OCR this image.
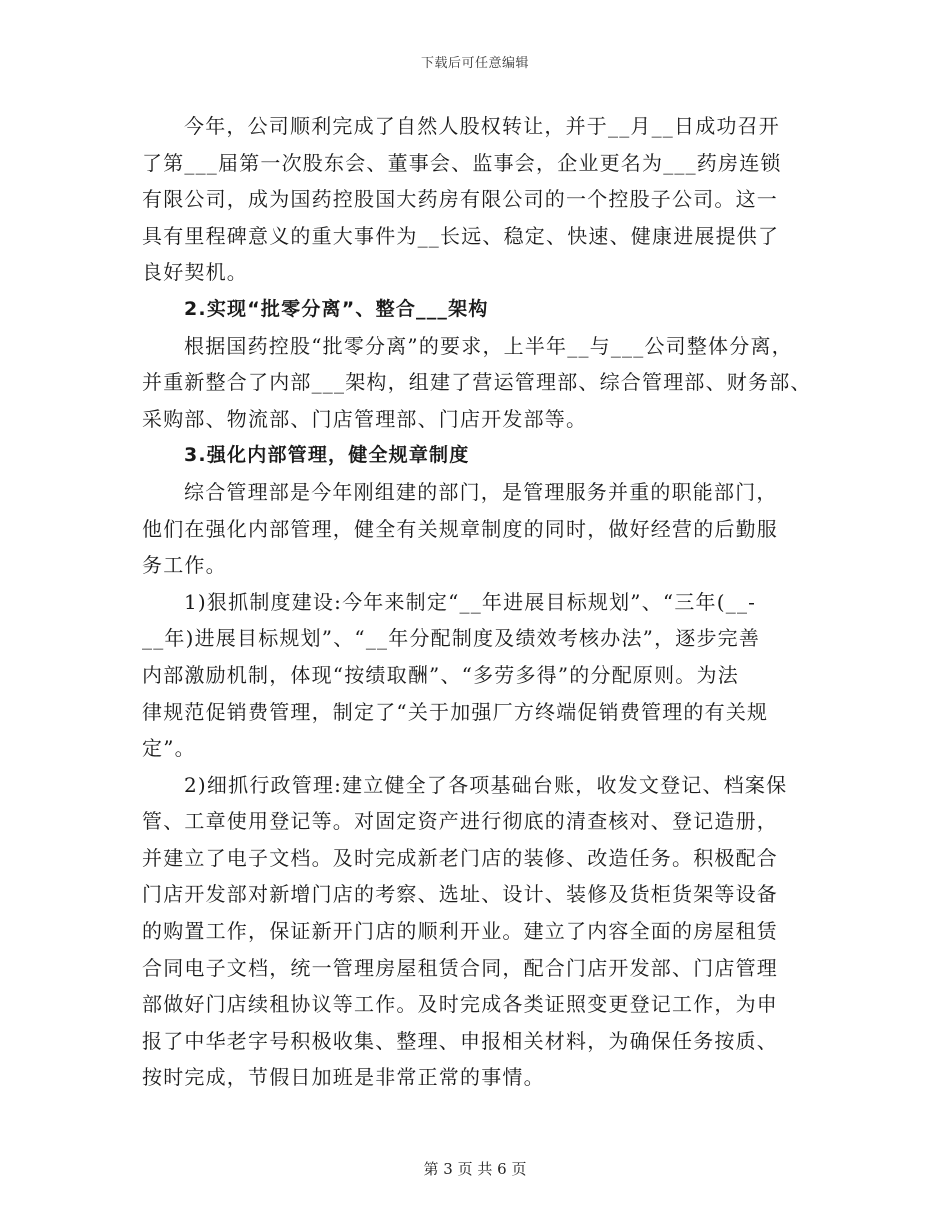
下载后可任意编辑
今年，公司顺利完成了自然人股权转让，并于__月__日成功召开
了第___届第一次股东会、董事会、监事会，企业更名为___药房连锁
有限公司，成为国药控股国大药房有限公司的一个控股子公司。这一
具有里程碑意义的重大事件为__长远、稳定、快速、健康进展提供了
良好契机。
2.实现“批零分离”、整合___架构
根据国药控股“批零分离”的要求，上半年__与___公司整体分离，
并重新整合了内部___架构，组建了营运管理部、综合管理部、财务部、
采购部、物流部、门店管理部、门店开发部等。
3.强化内部管理，健全规章制度
综合管理部是今年刚组建的部门，是管理服务并重的职能部门，
他们在强化内部管理，健全有关规章制度的同时，做好经营的后勤服
务工作。
1)狠抓制度建设:今年来制定“__年进展目标规划”、“三年(__-
__年)进展目标规划”、“__年分配制度及绩效考核办法”，逐步完善
内部激励机制，体现“按绩取酬”、“多劳多得”的分配原则。为法
律规范促销费管理，制定了“关于加强厂方终端促销费管理的有关规
定”。
2)细抓行政管理:建立健全了各项基础台账，收发文登记、档案保
管、工章使用登记等。对固定资产进行彻底的清查核对、登记造册，
并建立了电子文档。及时完成新老门店的装修、改造任务。积极配合
门店开发部对新增门店的考察、选址、设计、装修及货柜货架等设备
的购置工作，保证新开门店的顺利开业。建立了内容全面的房屋租赁
合同电子文档，统一管理房屋租赁合同，配合门店开发部、门店管理
部做好门店续租协议等工作。及时完成各类证照变更登记工作，为申
报了中华老字号积极收集、整理、申报相关材料，为确保任务按质、
按时完成，节假日加班是非常正常的事情。
第 3 页 共 6 页
